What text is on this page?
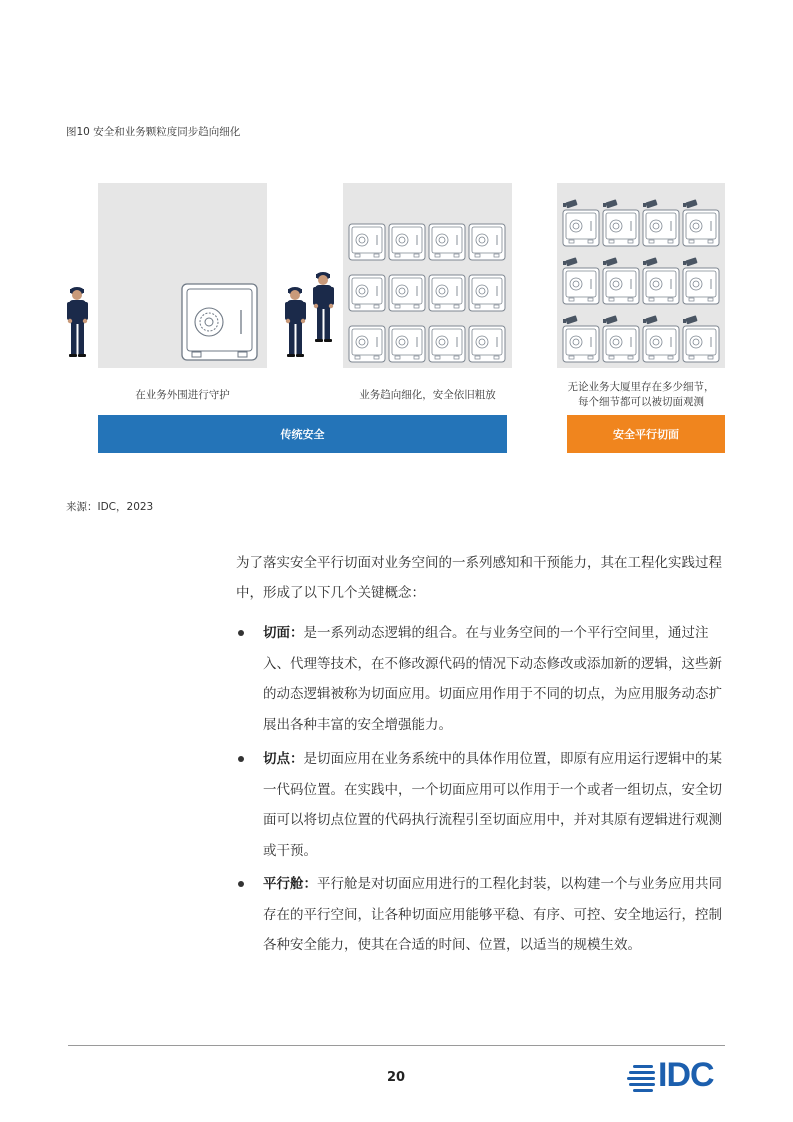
图10 安全和业务颗粒度同步趋向细化
在业务外围进行守护	业务趋向细化，安全依旧粗放
无论业务大厦里存在多少细节，
每个细节都可以被切面观测
传统安全	安全平行切面
来源：IDC，2023
为了落实安全平行切面对业务空间的一系列感知和干预能力，其在工程化实践过程中，形成了以下几个关键概念：
切面：是一系列动态逻辑的组合。在与业务空间的一个平行空间里，通过注入、代理等技术，在不修改源代码的情况下动态修改或添加新的逻辑，这些新的动态逻辑被称为切面应用。切面应用作用于不同的切点，为应用服务动态扩展出各种丰富的安全增强能力。
切点：是切面应用在业务系统中的具体作用位置，即原有应用运行逻辑中的某一代码位置。在实践中，一个切面应用可以作用于一个或者一组切点，安全切面可以将切点位置的代码执行流程引至切面应用中，并对其原有逻辑进行观测或干预。
平行舱：平行舱是对切面应用进行的工程化封装，以构建一个与业务应用共同存在的平行空间，让各种切面应用能够平稳、有序、可控、安全地运行，控制各种安全能力，使其在合适的时间、位置，以适当的规模生效。
20	IDC
